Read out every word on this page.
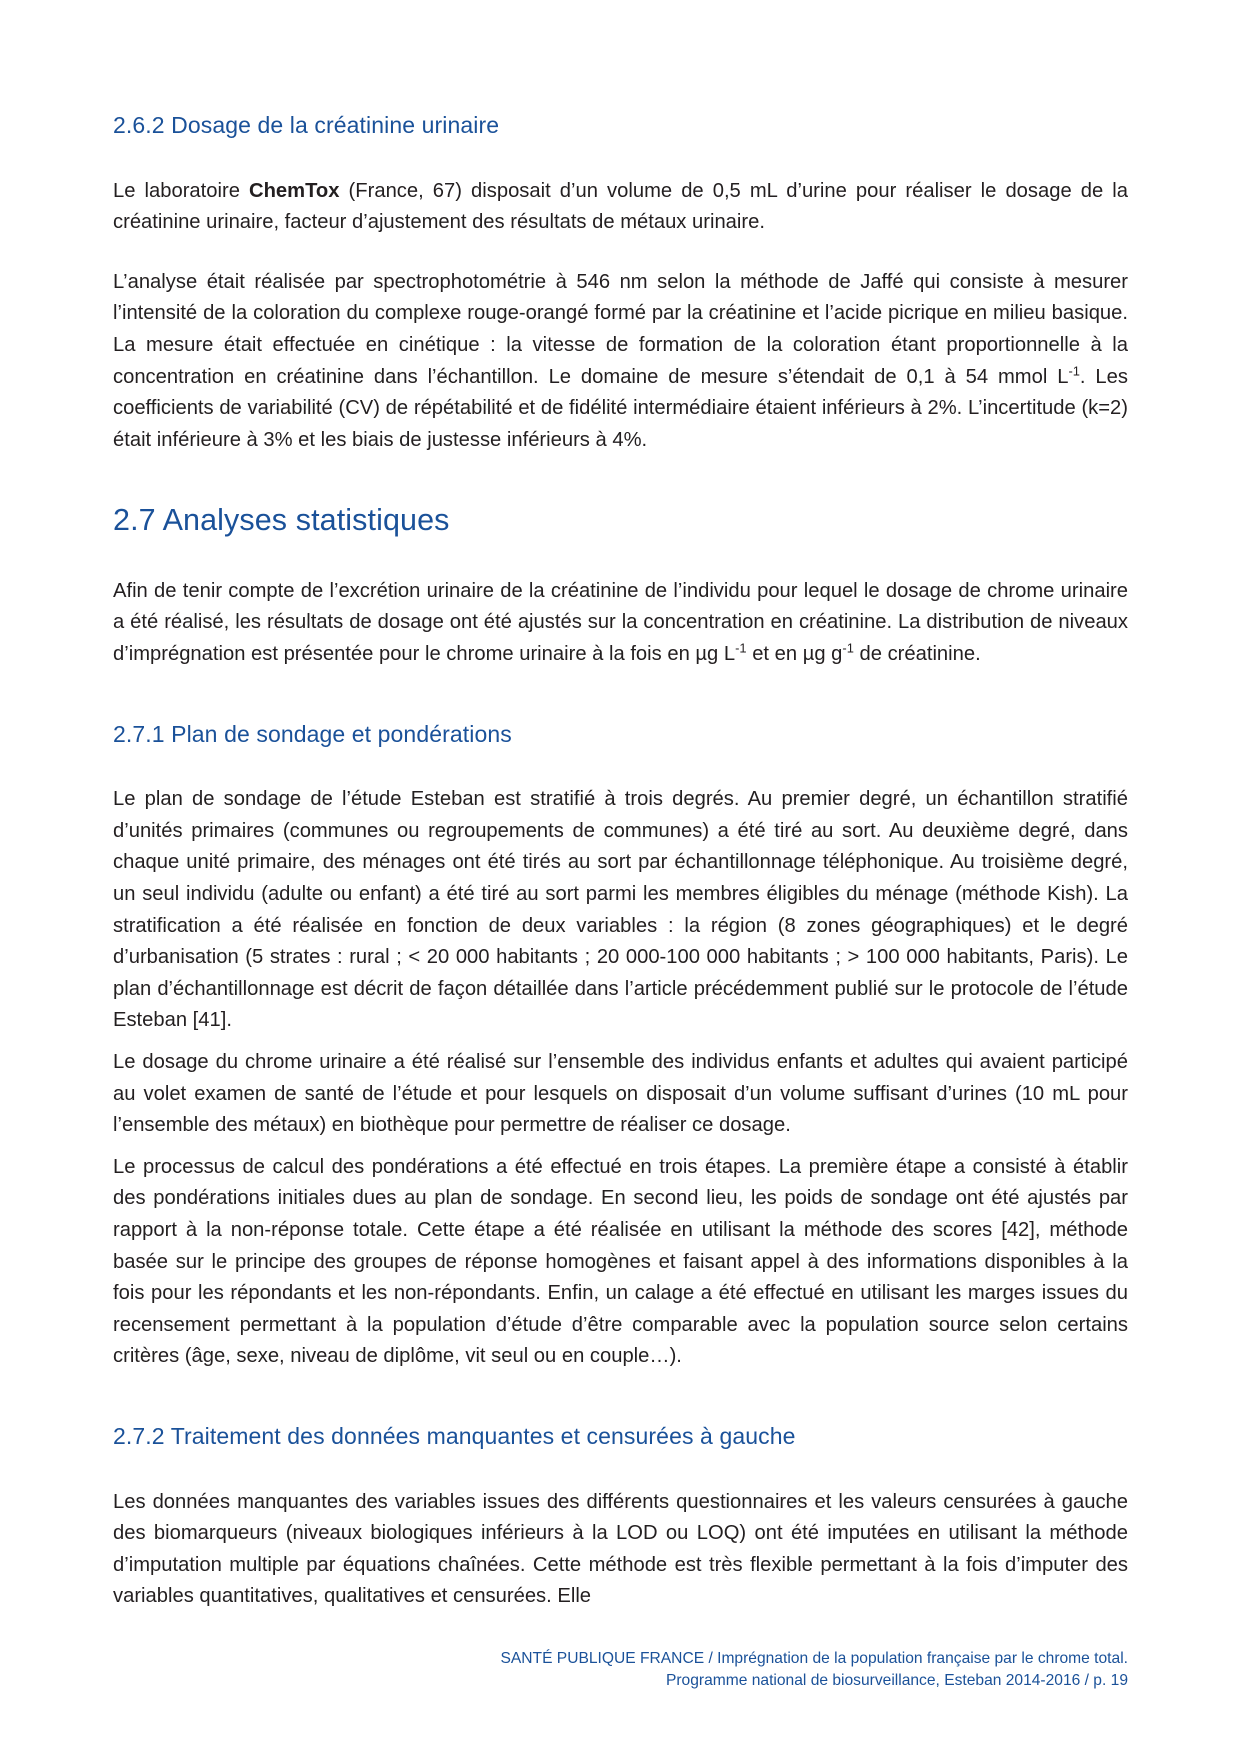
2.6.2 Dosage de la créatinine urinaire

Le laboratoire ChemTox (France, 67) disposait d’un volume de 0,5 mL d’urine pour réaliser le dosage de la créatinine urinaire, facteur d’ajustement des résultats de métaux urinaire.

L’analyse était réalisée par spectrophotométrie à 546 nm selon la méthode de Jaffé qui consiste à mesurer l’intensité de la coloration du complexe rouge-orangé formé par la créatinine et l’acide picrique en milieu basique. La mesure était effectuée en cinétique : la vitesse de formation de la coloration étant proportionnelle à la concentration en créatinine dans l’échantillon. Le domaine de mesure s’étendait de 0,1 à 54 mmol $L^{-1}$. Les coefficients de variabilité (CV) de répétabilité et de fidélité intermédiaire étaient inférieurs à 2%. L’incertitude (k=2) était inférieure à 3% et les biais de justesse inférieurs à 4%.

2.7 Analyses statistiques

Afin de tenir compte de l’excrétion urinaire de la créatinine de l’individu pour lequel le dosage de chrome urinaire a été réalisé, les résultats de dosage ont été ajustés sur la concentration en créatinine. La distribution de niveaux d’imprégnation est présentée pour le chrome urinaire à la fois en µg $L^{-1}$ et en µg $g^{-1}$ de créatinine.

2.7.1 Plan de sondage et pondérations

Le plan de sondage de l’étude Esteban est stratifié à trois degrés. Au premier degré, un échantillon stratifié d’unités primaires (communes ou regroupements de communes) a été tiré au sort. Au deuxième degré, dans chaque unité primaire, des ménages ont été tirés au sort par échantillonnage téléphonique. Au troisième degré, un seul individu (adulte ou enfant) a été tiré au sort parmi les membres éligibles du ménage (méthode Kish). La stratification a été réalisée en fonction de deux variables : la région (8 zones géographiques) et le degré d’urbanisation (5 strates : rural ; < 20 000 habitants ; 20 000-100 000 habitants ; > 100 000 habitants, Paris). Le plan d’échantillonnage est décrit de façon détaillée dans l’article précédemment publié sur le protocole de l’étude Esteban [41].

Le dosage du chrome urinaire a été réalisé sur l’ensemble des individus enfants et adultes qui avaient participé au volet examen de santé de l’étude et pour lesquels on disposait d’un volume suffisant d’urines (10 mL pour l’ensemble des métaux) en biothèque pour permettre de réaliser ce dosage.

Le processus de calcul des pondérations a été effectué en trois étapes. La première étape a consisté à établir des pondérations initiales dues au plan de sondage. En second lieu, les poids de sondage ont été ajustés par rapport à la non-réponse totale. Cette étape a été réalisée en utilisant la méthode des scores [42], méthode basée sur le principe des groupes de réponse homogènes et faisant appel à des informations disponibles à la fois pour les répondants et les non-répondants. Enfin, un calage a été effectué en utilisant les marges issues du recensement permettant à la population d’étude d’être comparable avec la population source selon certains critères (âge, sexe, niveau de diplôme, vit seul ou en couple…).

2.7.2 Traitement des données manquantes et censurées à gauche

Les données manquantes des variables issues des différents questionnaires et les valeurs censurées à gauche des biomarqueurs (niveaux biologiques inférieurs à la LOD ou LOQ) ont été imputées en utilisant la méthode d’imputation multiple par équations chaînées. Cette méthode est très flexible permettant à la fois d’imputer des variables quantitatives, qualitatives et censurées. Elle

SANTÉ PUBLIQUE FRANCE / Imprégnation de la population française par le chrome total.
Programme national de biosurveillance, Esteban 2014-2016 / p. 19
